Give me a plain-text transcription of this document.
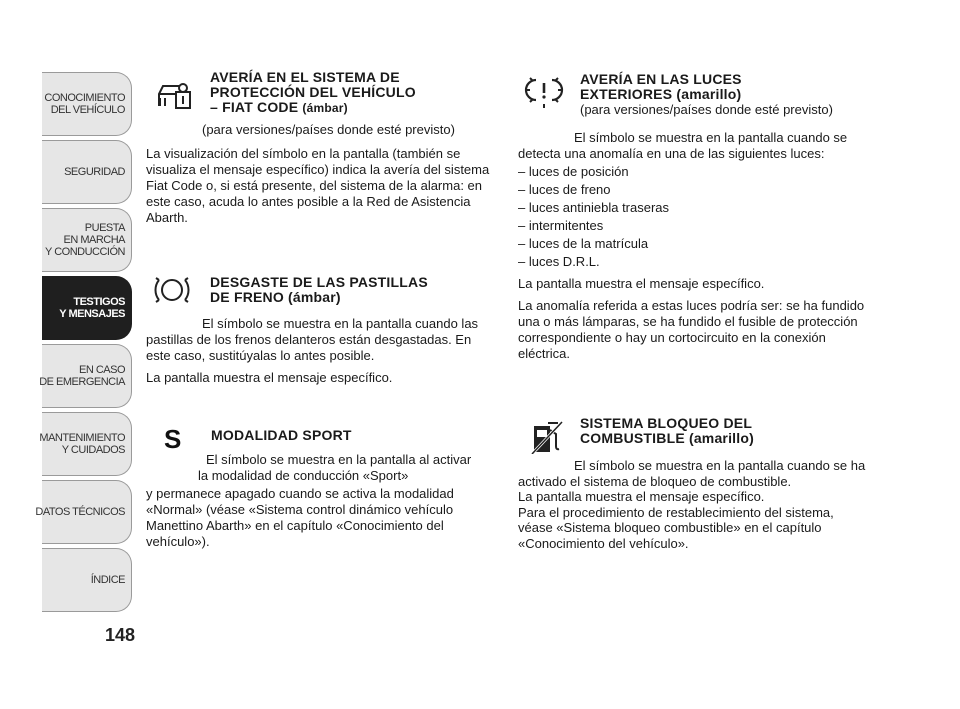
CONOCIMIENTO
DEL VEHÍCULO
SEGURIDAD
PUESTA
EN MARCHA
Y CONDUCCIÓN
TESTIGOS
Y MENSAJES
EN CASO
DE EMERGENCIA
MANTENIMIENTO
Y CUIDADOS
DATOS TÉCNICOS
ÍNDICE
148
AVERÍA EN EL SISTEMA DE
PROTECCIÓN DEL VEHÍCULO
– FIAT CODE (ámbar)
(para versiones/países donde esté previsto)
La visualización del símbolo en la pantalla (también se visualiza el mensaje específico) indica la avería del sistema Fiat Code o, si está presente, del sistema de la alarma: en este caso, acuda lo antes posible a la Red de Asistencia Abarth.
DESGASTE DE LAS PASTILLAS
DE FRENO (ámbar)

El símbolo se muestra en la pantalla cuando las pastillas de los frenos delanteros están desgastadas. En este caso, sustitúyalas lo antes posible.

La pantalla muestra el mensaje específico.

S MODALIDAD SPORT
El símbolo se muestra en la pantalla al activar
la modalidad de conducción «Sport»
y permanece apagado cuando se activa la modalidad «Normal» (véase «Sistema control dinámico vehículo Manettino Abarth» en el capítulo «Conocimiento del vehículo»).
AVERÍA EN LAS LUCES
EXTERIORES (amarillo)
(para versiones/países donde esté previsto)

El símbolo se muestra en la pantalla cuando se detecta una anomalía en una de las siguientes luces:

– luces de posición
– luces de freno
– luces antiniebla traseras
– intermitentes
– luces de la matrícula
– luces D.R.L.

La pantalla muestra el mensaje específico.

La anomalía referida a estas luces podría ser: se ha fundido una o más lámparas, se ha fundido el fusible de protección correspondiente o hay un cortocircuito en la conexión eléctrica.

SISTEMA BLOQUEO DEL
COMBUSTIBLE (amarillo)
El símbolo se muestra en la pantalla cuando se ha activado el sistema de bloqueo de combustible.
La pantalla muestra el mensaje específico.
Para el procedimiento de restablecimiento del sistema, véase «Sistema bloqueo combustible» en el capítulo «Conocimiento del vehículo».
